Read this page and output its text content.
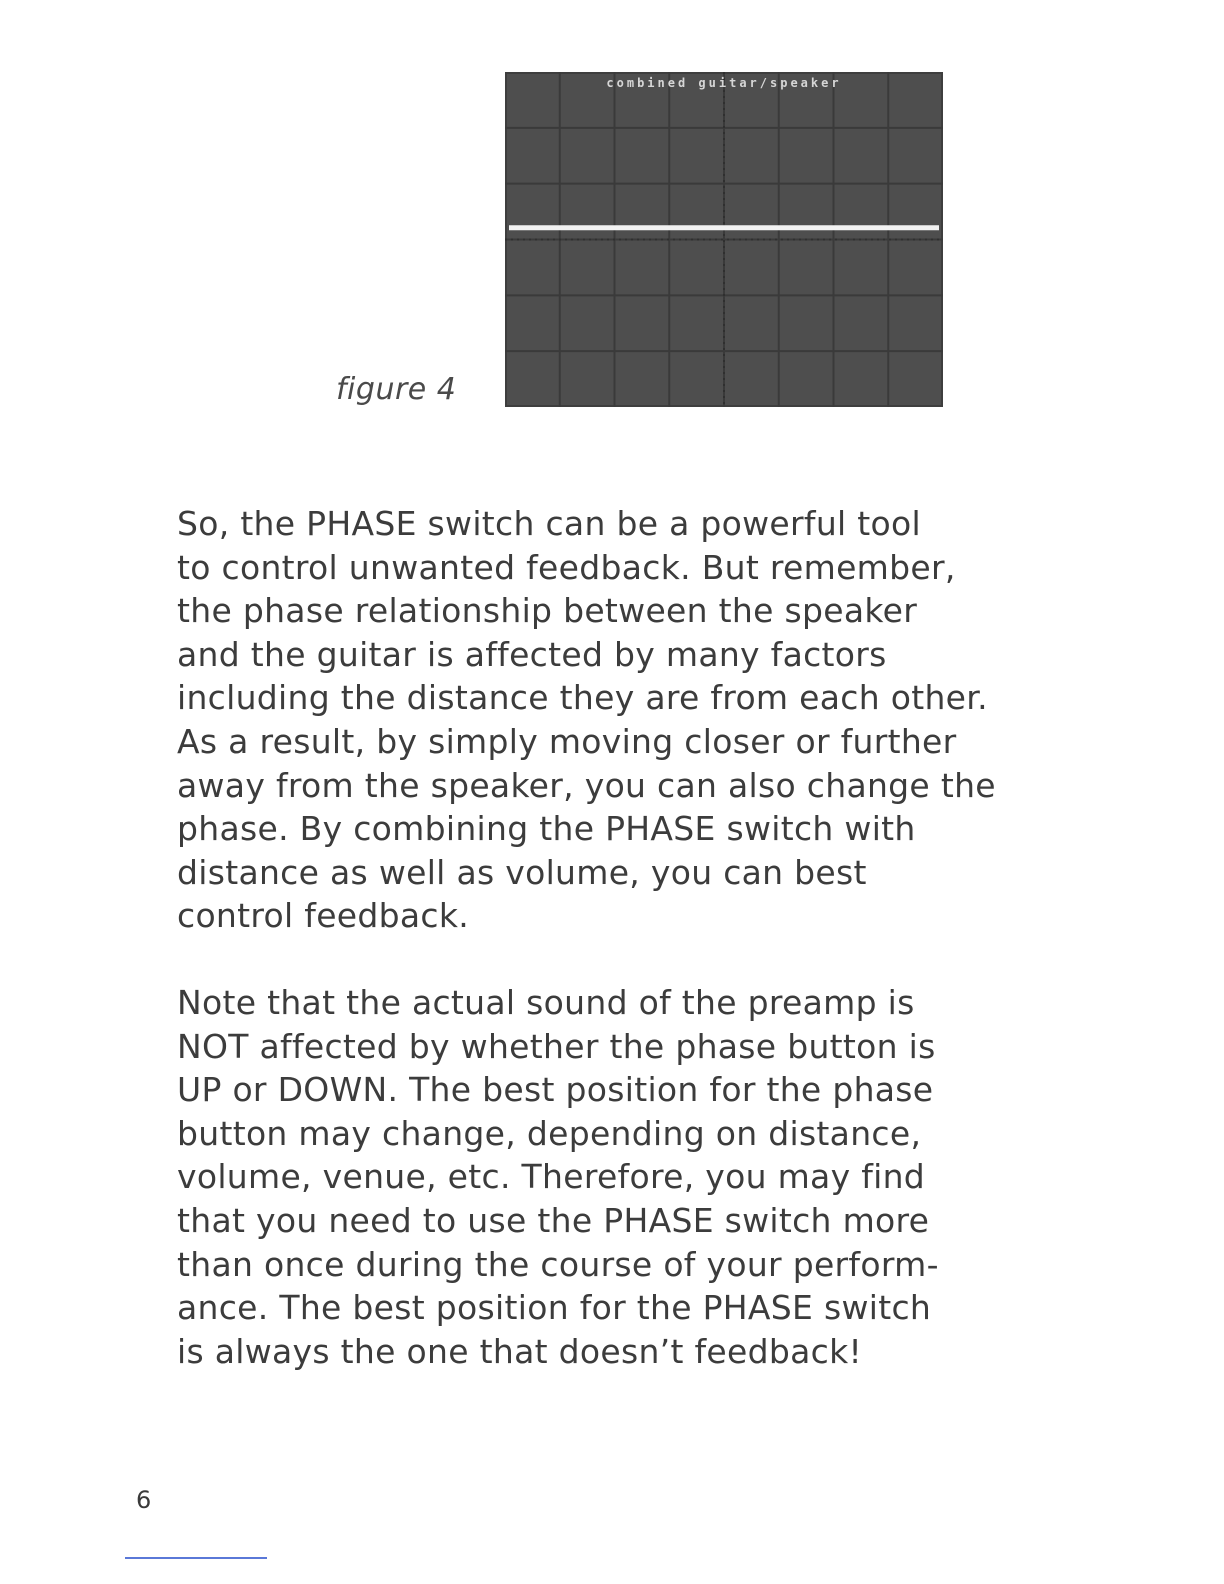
figure 4
combined guitar/speaker
So, the PHASE switch can be a powerful tool
to control unwanted feedback. But remember,
the phase relationship between the speaker
and the guitar is affected by many factors
including the distance they are from each other.
As a result, by simply moving closer or further
away from the speaker, you can also change the
phase. By combining the PHASE switch with
distance as well as volume, you can best
control feedback.
Note that the actual sound of the preamp is
NOT affected by whether the phase button is
UP or DOWN. The best position for the phase
button may change, depending on distance,
volume, venue, etc. Therefore, you may find
that you need to use the PHASE switch more
than once during the course of your perform-
ance. The best position for the PHASE switch
is always the one that doesn’t feedback!
6
